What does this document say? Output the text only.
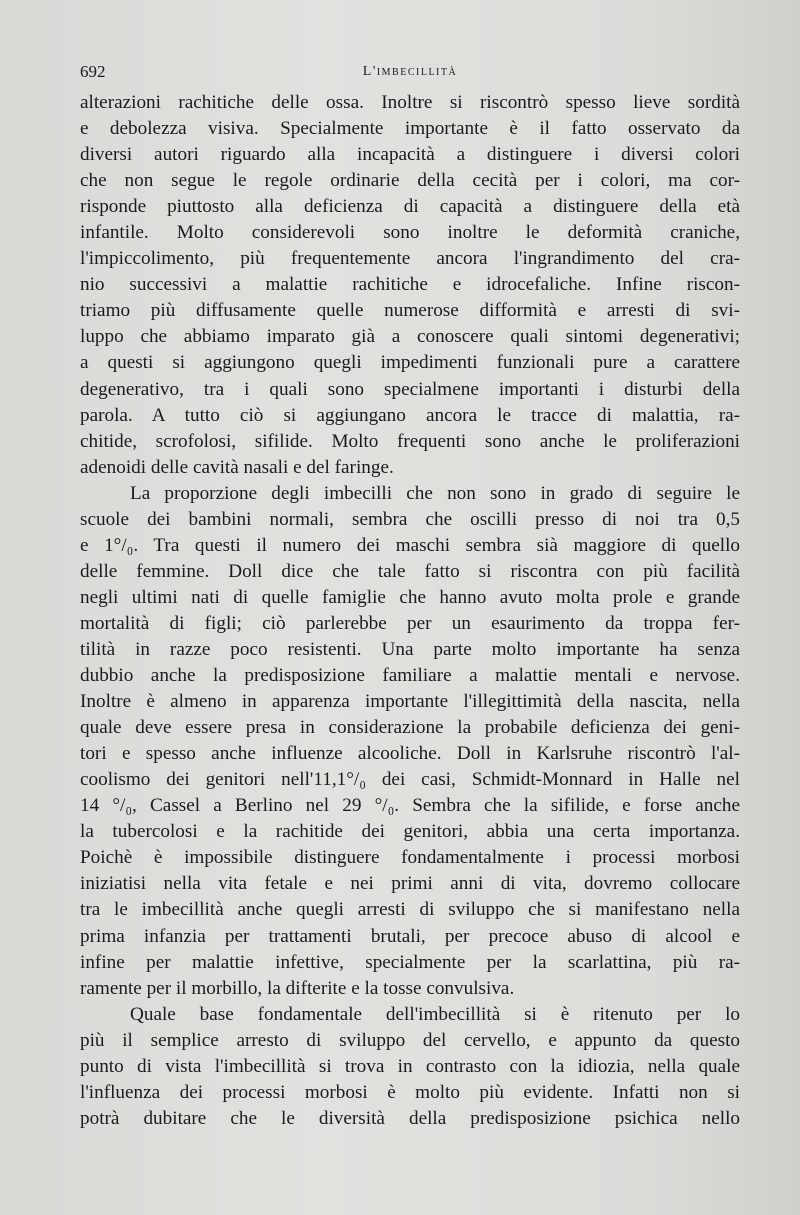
692	L'imbecillità
alterazioni rachitiche delle ossa. Inoltre si riscontrò spesso lieve sordità
e debolezza visiva. Specialmente importante è il fatto osservato da
diversi autori riguardo alla incapacità a distinguere i diversi colori
che non segue le regole ordinarie della cecità per i colori, ma cor-
risponde piuttosto alla deficienza di capacità a distinguere della età
infantile. Molto considerevoli sono inoltre le deformità craniche,
l'impiccolimento, più frequentemente ancora l'ingrandimento del cra-
nio successivi a malattie rachitiche e idrocefaliche. Infine riscon-
triamo più diffusamente quelle numerose difformità e arresti di svi-
luppo che abbiamo imparato già a conoscere quali sintomi degenerativi;
a questi si aggiungono quegli impedimenti funzionali pure a carattere
degenerativo, tra i quali sono specialmene importanti i disturbi della
parola. A tutto ciò si aggiungano ancora le tracce di malattia, ra-
chitide, scrofolosi, sifilide. Molto frequenti sono anche le proliferazioni
adenoidi delle cavità nasali e del faringe.
La proporzione degli imbecilli che non sono in grado di seguire le
scuole dei bambini normali, sembra che oscilli presso di noi tra 0,5
e 1°/₀. Tra questi il numero dei maschi sembra sià maggiore di quello
delle femmine. Doll dice che tale fatto si riscontra con più facilità
negli ultimi nati di quelle famiglie che hanno avuto molta prole e grande
mortalità di figli; ciò parlerebbe per un esaurimento da troppa fer-
tilità in razze poco resistenti. Una parte molto importante ha senza
dubbio anche la predisposizione familiare a malattie mentali e nervose.
Inoltre è almeno in apparenza importante l'illegittimità della nascita, nella
quale deve essere presa in considerazione la probabile deficienza dei geni-
tori e spesso anche influenze alcooliche. Doll in Karlsruhe riscontrò l'al-
coolismo dei genitori nell'11,1°/₀ dei casi, Schmidt-Monnard in Halle nel
14 °/₀, Cassel a Berlino nel 29 °/₀. Sembra che la sifilide, e forse anche
la tubercolosi e la rachitide dei genitori, abbia una certa importanza.
Poichè è impossibile distinguere fondamentalmente i processi morbosi
iniziatisi nella vita fetale e nei primi anni di vita, dovremo collocare
tra le imbecillità anche quegli arresti di sviluppo che si manifestano nella
prima infanzia per trattamenti brutali, per precoce abuso di alcool e
infine per malattie infettive, specialmente per la scarlattina, più ra-
ramente per il morbillo, la difterite e la tosse convulsiva.
Quale base fondamentale dell'imbecillità si è ritenuto per lo
più il semplice arresto di sviluppo del cervello, e appunto da questo
punto di vista l'imbecillità si trova in contrasto con la idiozia, nella quale
l'influenza dei processi morbosi è molto più evidente. Infatti non si
potrà dubitare che le diversità della predisposizione psichica nello
